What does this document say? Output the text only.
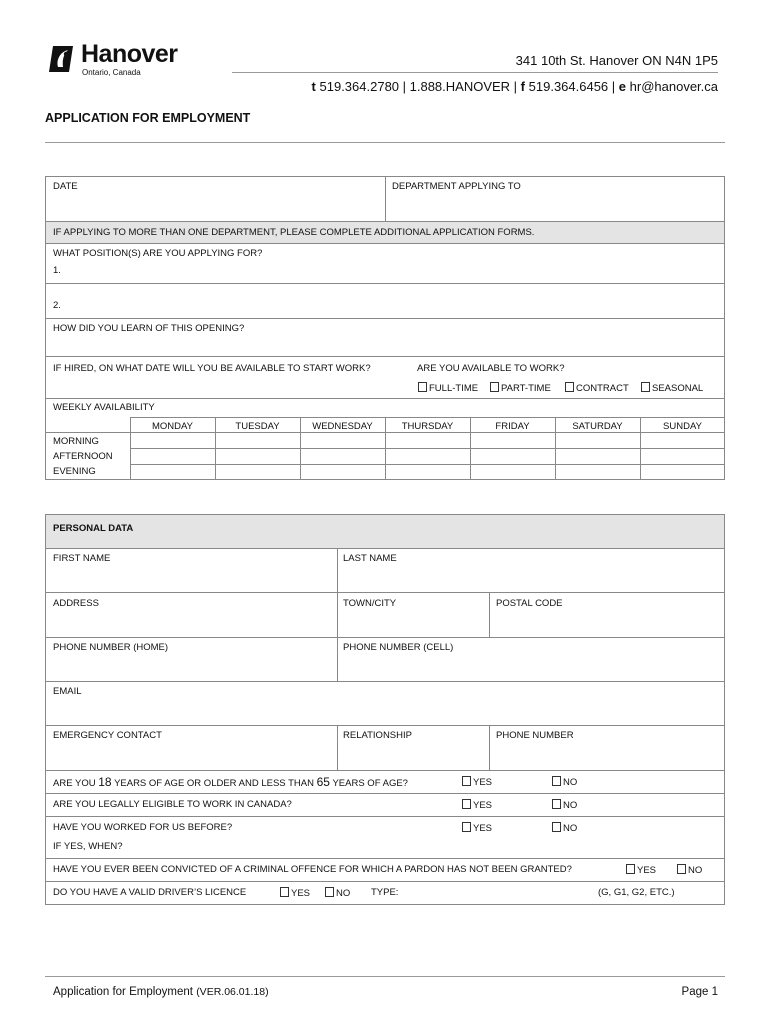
Hanover
Ontario, Canada
341 10th St. Hanover ON N4N 1P5
t 519.364.2780 | 1.888.HANOVER | f 519.364.6456 | e hr@hanover.ca
APPLICATION FOR EMPLOYMENT
DATE	DEPARTMENT APPLYING TO
IF APPLYING TO MORE THAN ONE DEPARTMENT, PLEASE COMPLETE ADDITIONAL APPLICATION FORMS.
WHAT POSITION(S) ARE YOU APPLYING FOR?
1.
2.
HOW DID YOU LEARN OF THIS OPENING?
IF HIRED, ON WHAT DATE WILL YOU BE AVAILABLE TO START WORK?	ARE YOU AVAILABLE TO WORK?
FULL-TIME	PART-TIME	CONTRACT	SEASONAL
WEEKLY AVAILABILITY
MONDAY	TUESDAY	WEDNESDAY	THURSDAY	FRIDAY	SATURDAY	SUNDAY
MORNING
AFTERNOON
EVENING
PERSONAL DATA
FIRST NAME	LAST NAME
ADDRESS	TOWN/CITY	POSTAL CODE
PHONE NUMBER (HOME)	PHONE NUMBER (CELL)
EMAIL
EMERGENCY CONTACT	RELATIONSHIP	PHONE NUMBER
ARE YOU 18 YEARS OF AGE OR OLDER AND LESS THAN 65 YEARS OF AGE?	YES	NO
ARE YOU LEGALLY ELIGIBLE TO WORK IN CANADA?	YES	NO
HAVE YOU WORKED FOR US BEFORE?	YES	NO
IF YES, WHEN?
HAVE YOU EVER BEEN CONVICTED OF A CRIMINAL OFFENCE FOR WHICH A PARDON HAS NOT BEEN GRANTED?	YES	NO
DO YOU HAVE A VALID DRIVER’S LICENCE	YES	NO TYPE:	(G, G1, G2, ETC.)
Application for Employment (VER.06.01.18)	Page 1
